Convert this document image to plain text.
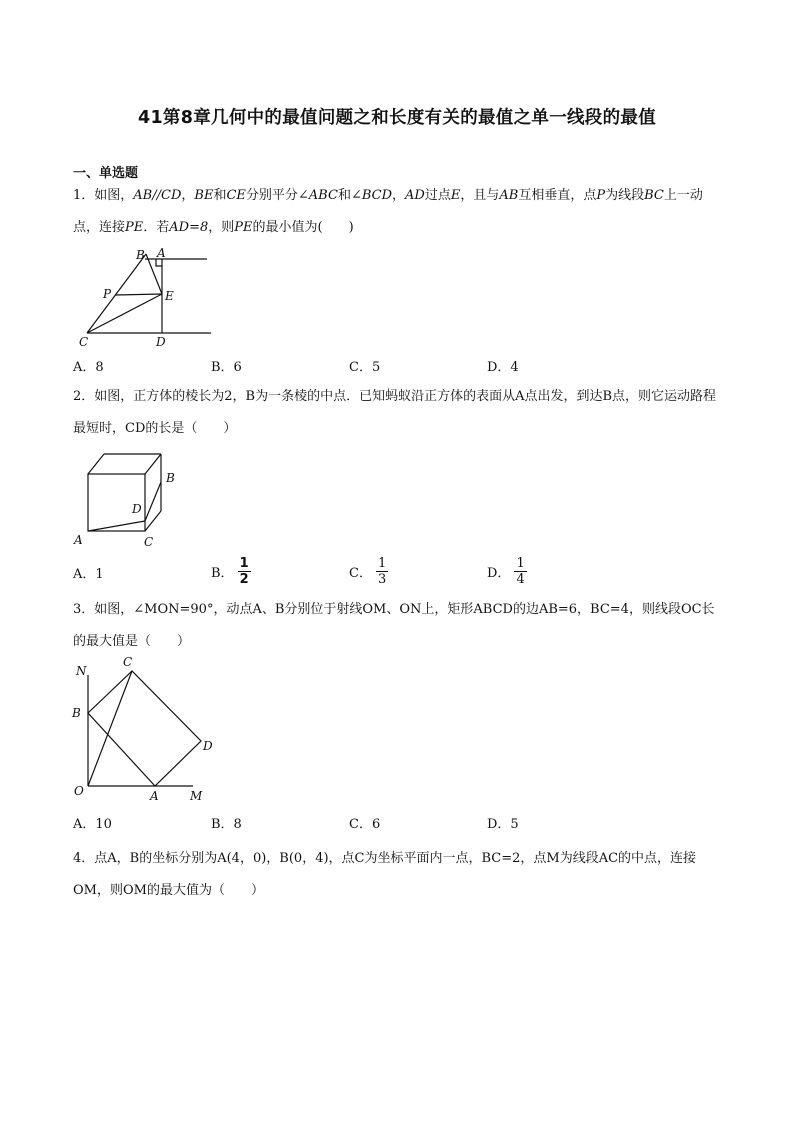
41第8章几何中的最值问题之和长度有关的最值之单一线段的最值
一、单选题
1．如图，AB//CD，BE和CE分别平分∠ABC和∠BCD，AD过点E，且与AB互相垂直，点P为线段BC上一动点，连接PE．若AD=8，则PE的最小值为(　　)
B A
P	E
C	D
A．8	B．6	C．5	D．4
2．如图，正方体的棱长为2，B为一条棱的中点．已知蚂蚁沿正方体的表面从A点出发，到达B点，则它运动路程最短时，CD的长是（　　）
B
D
A	C
A．1	B． $\frac{1}{2}$	C． $\frac{1}{3}$	D． $\frac{1}{4}$
3．如图，∠MON=90°，动点A、B分别位于射线OM、ON上，矩形ABCD的边AB=6，BC=4，则线段OC长的最大值是（　　）
N
C
B
D
O	A	M
A．10	B．8	C．6	D．5
4．点A，B的坐标分别为A(4，0)，B(0，4)，点C为坐标平面内一点，BC=2，点M为线段AC的中点，连接OM，则OM的最大值为（　　）
